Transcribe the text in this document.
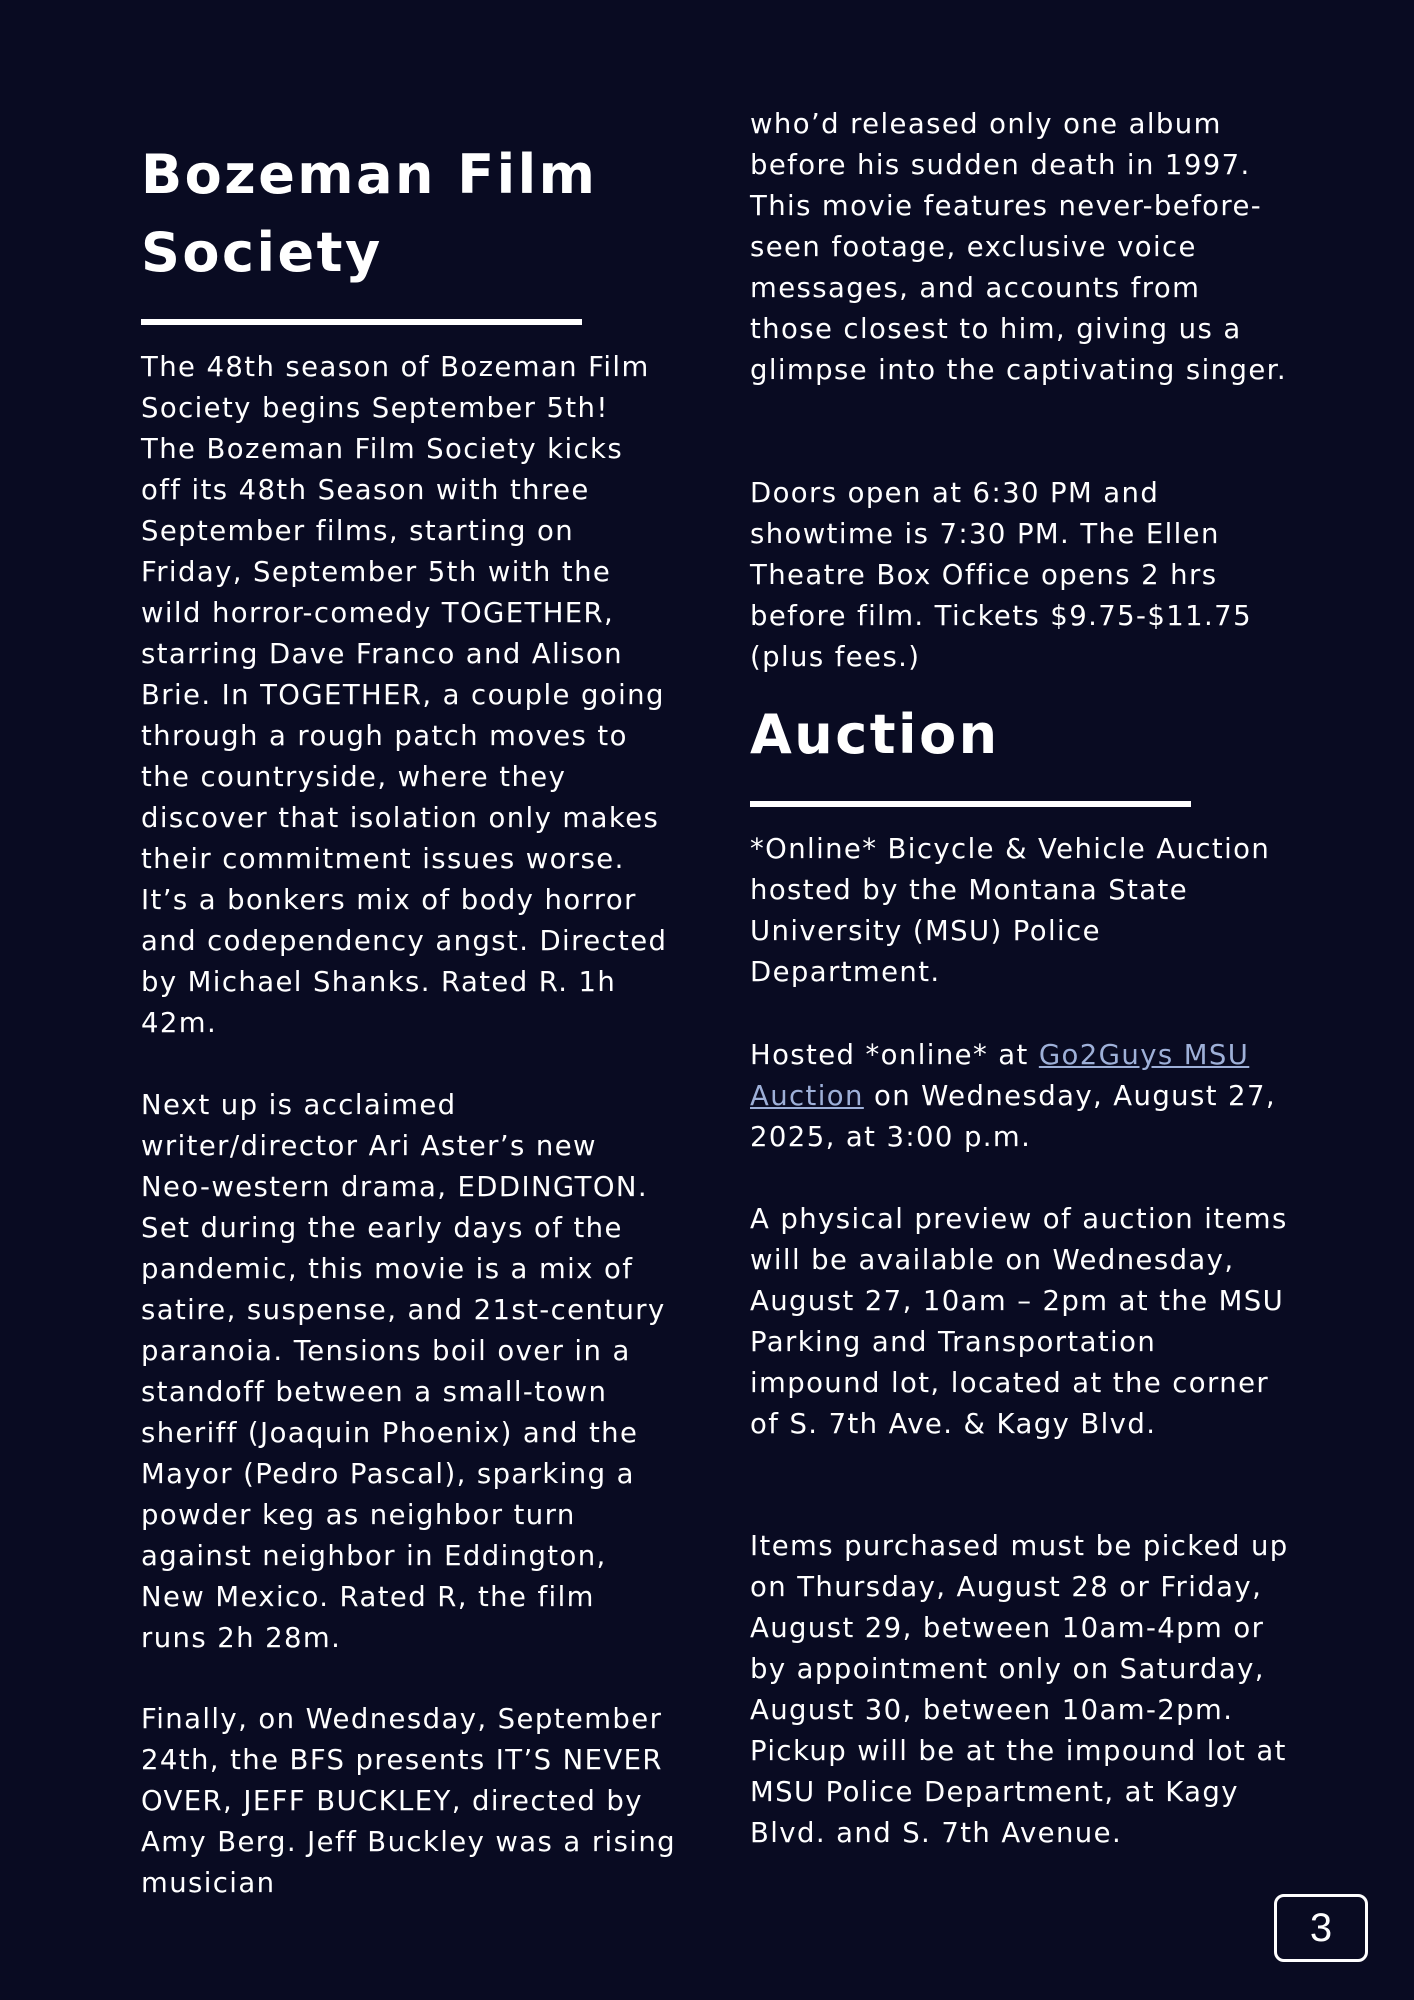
Bozeman Film Society

The 48th season of Bozeman Film Society begins September 5th! The Bozeman Film Society kicks off its 48th Season with three September films, starting on Friday, September 5th with the wild horror-comedy TOGETHER, starring Dave Franco and Alison Brie. In TOGETHER, a couple going through a rough patch moves to the countryside, where they discover that isolation only makes their commitment issues worse. It’s a bonkers mix of body horror and codependency angst. Directed by Michael Shanks. Rated R. 1h 42m.

Next up is acclaimed writer/director Ari Aster’s new Neo-western drama, EDDINGTON. Set during the early days of the pandemic, this movie is a mix of satire, suspense, and 21st-century paranoia. Tensions boil over in a standoff between a small-town sheriff (Joaquin Phoenix) and the Mayor (Pedro Pascal), sparking a powder keg as neighbor turn against neighbor in Eddington, New Mexico. Rated R, the film runs 2h 28m.

Finally, on Wednesday, September 24th, the BFS presents IT’S NEVER OVER, JEFF BUCKLEY, directed by Amy Berg. Jeff Buckley was a rising musician

who’d released only one album before his sudden death in 1997. This movie features never-before-seen footage, exclusive voice messages, and accounts from those closest to him, giving us a glimpse into the captivating singer.

Doors open at 6:30 PM and showtime is 7:30 PM. The Ellen Theatre Box Office opens 2 hrs before film. Tickets $9.75-$11.75 (plus fees.)

Auction

*Online* Bicycle & Vehicle Auction hosted by the Montana State University (MSU) Police Department.

Hosted *online* at Go2Guys MSU Auction on Wednesday, August 27, 2025, at 3:00 p.m.

A physical preview of auction items will be available on Wednesday, August 27, 10am – 2pm at the MSU Parking and Transportation impound lot, located at the corner of S. 7th Ave. & Kagy Blvd.

Items purchased must be picked up on Thursday, August 28 or Friday, August 29, between 10am-4pm or by appointment only on Saturday, August 30, between 10am-2pm. Pickup will be at the impound lot at MSU Police Department, at Kagy Blvd. and S. 7th Avenue.

3
